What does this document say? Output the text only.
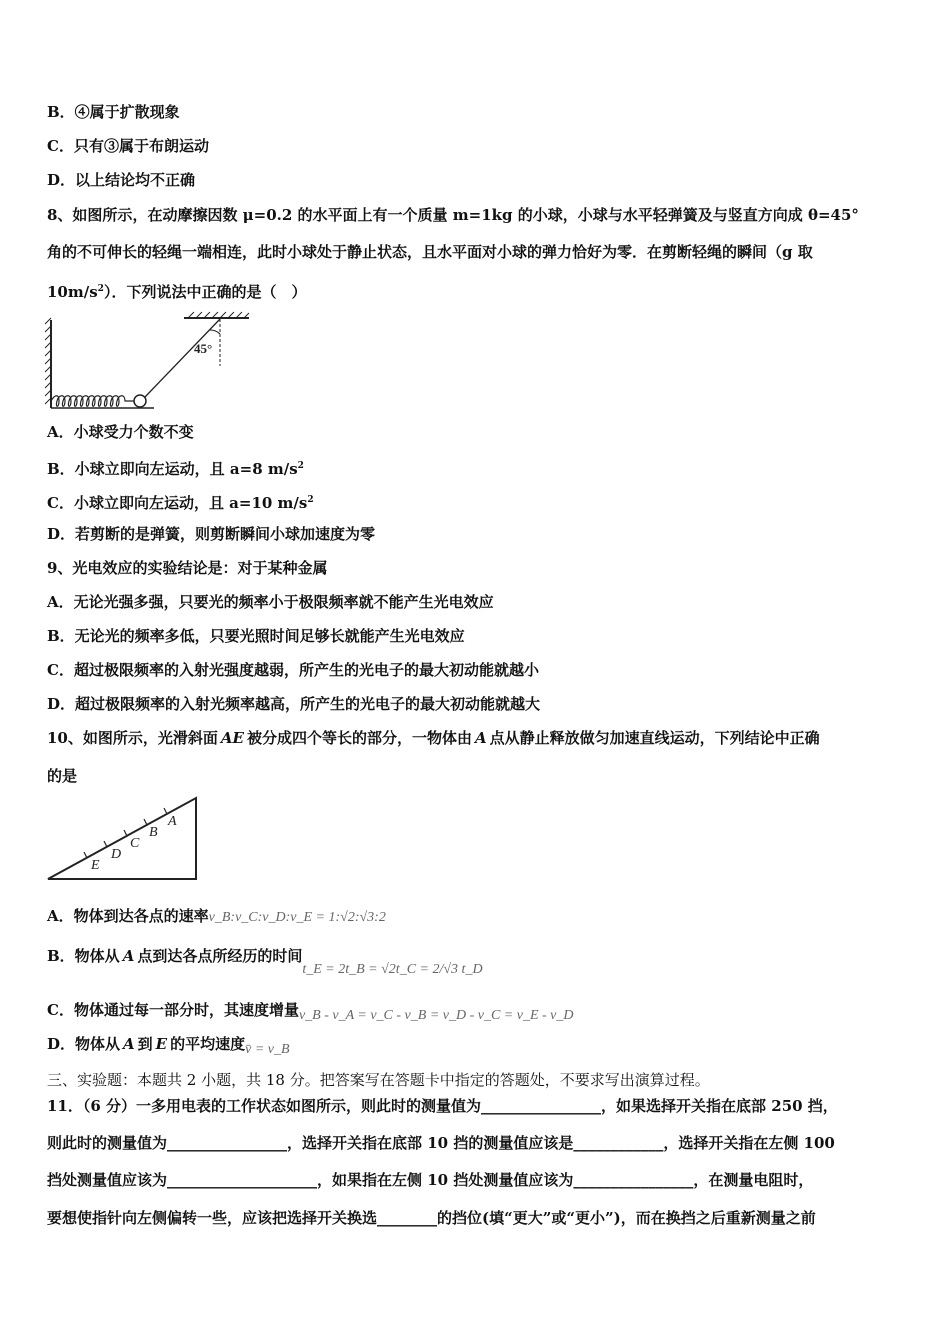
B．④属于扩散现象
C．只有③属于布朗运动
D．以上结论均不正确
8、如图所示，在动摩擦因数 μ=0.2 的水平面上有一个质量 m=1kg 的小球，小球与水平轻弹簧及与竖直方向成 θ=45°
角的不可伸长的轻绳一端相连，此时小球处于静止状态，且水平面对小球的弹力恰好为零．在剪断轻绳的瞬间（g 取
$10m/s^2$）．下列说法中正确的是（　）
45°
A．小球受力个数不变
B．小球立即向左运动，且 a=8 $m/s^2$
C．小球立即向左运动，且 a=10 $m/s^2$
D．若剪断的是弹簧，则剪断瞬间小球加速度为零
9、光电效应的实验结论是：对于某种金属
A．无论光强多强，只要光的频率小于极限频率就不能产生光电效应
B．无论光的频率多低，只要光照时间足够长就能产生光电效应
C．超过极限频率的入射光强度越弱，所产生的光电子的最大初动能就越小
D．超过极限频率的入射光频率越高，所产生的光电子的最大初动能就越大
10、如图所示，光滑斜面 AE 被分成四个等长的部分，一物体由 A 点从静止释放做匀加速直线运动，下列结论中正确
的是
E
D
C
B
A
A．物体到达各点的速率v_B:v_C:v_D:v_E = 1:√2:√3:2
B．物体从 A 点到达各点所经历的时间t_E = 2t_B = √2t_C = 2/√3 t_D
C．物体通过每一部分时，其速度增量v_B - v_A = v_C - v_B = v_D - v_C = v_E - v_D
D．物体从 A 到 E 的平均速度v̄ = v_B
三、实验题：本题共 2 小题，共 18 分。把答案写在答题卡中指定的答题处，不要求写出演算过程。
11．（6 分）一多用电表的工作状态如图所示，则此时的测量值为________________，如果选择开关指在底部 250 挡，
则此时的测量值为________________，选择开关指在底部 10 挡的测量值应该是____________，选择开关指在左侧 100
挡处测量值应该为____________________，如果指在左侧 10 挡处测量值应该为________________，在测量电阻时，
要想使指针向左侧偏转一些，应该把选择开关换选________的挡位(填“更大”或“更小”)，而在换挡之后重新测量之前
